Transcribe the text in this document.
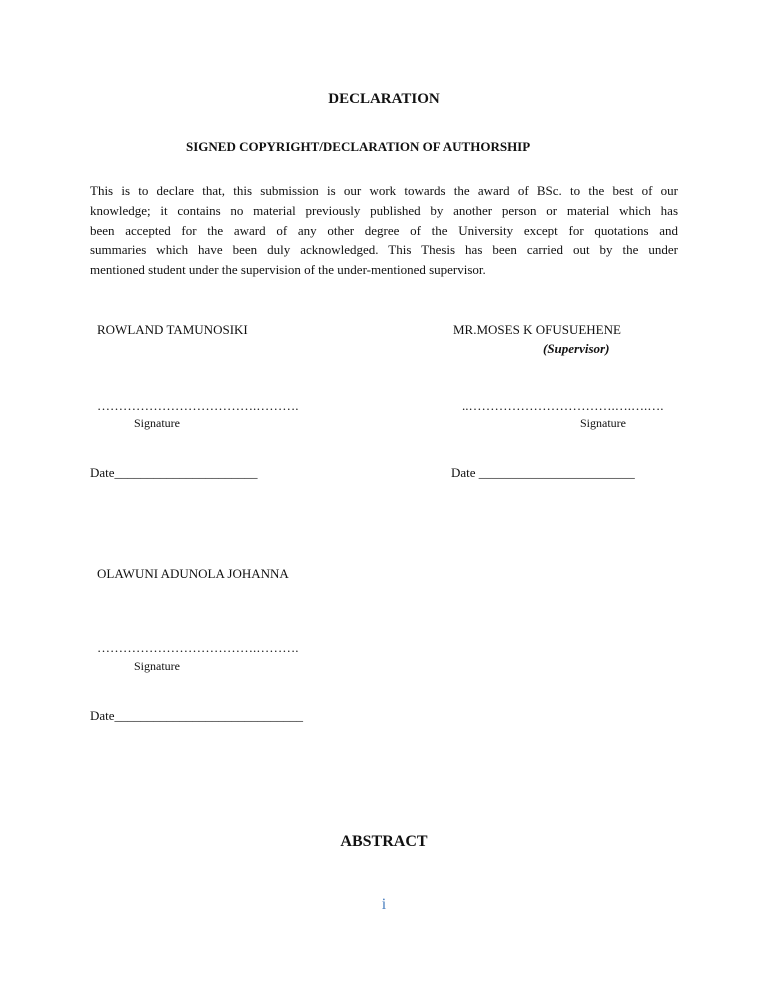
DECLARATION
SIGNED COPYRIGHT/DECLARATION OF AUTHORSHIP
This is to declare that, this submission is our work towards the award of BSc. to the best of our
knowledge; it contains no material previously published by another person or material which has
been accepted for the award of any other degree of the University except for quotations and
summaries which have been duly acknowledged. This Thesis has been carried out by the under
mentioned student under the supervision of the under-mentioned supervisor.
ROWLAND TAMUNOSIKI	MR.MOSES K OFUSUEHENE
(Supervisor)
……………………………….……….
Signature
..…………………………….….….….
Signature
Date______________________	Date ________________________
OLAWUNI ADUNOLA JOHANNA
……………………………….……….
Signature
Date_____________________________
ABSTRACT
i
